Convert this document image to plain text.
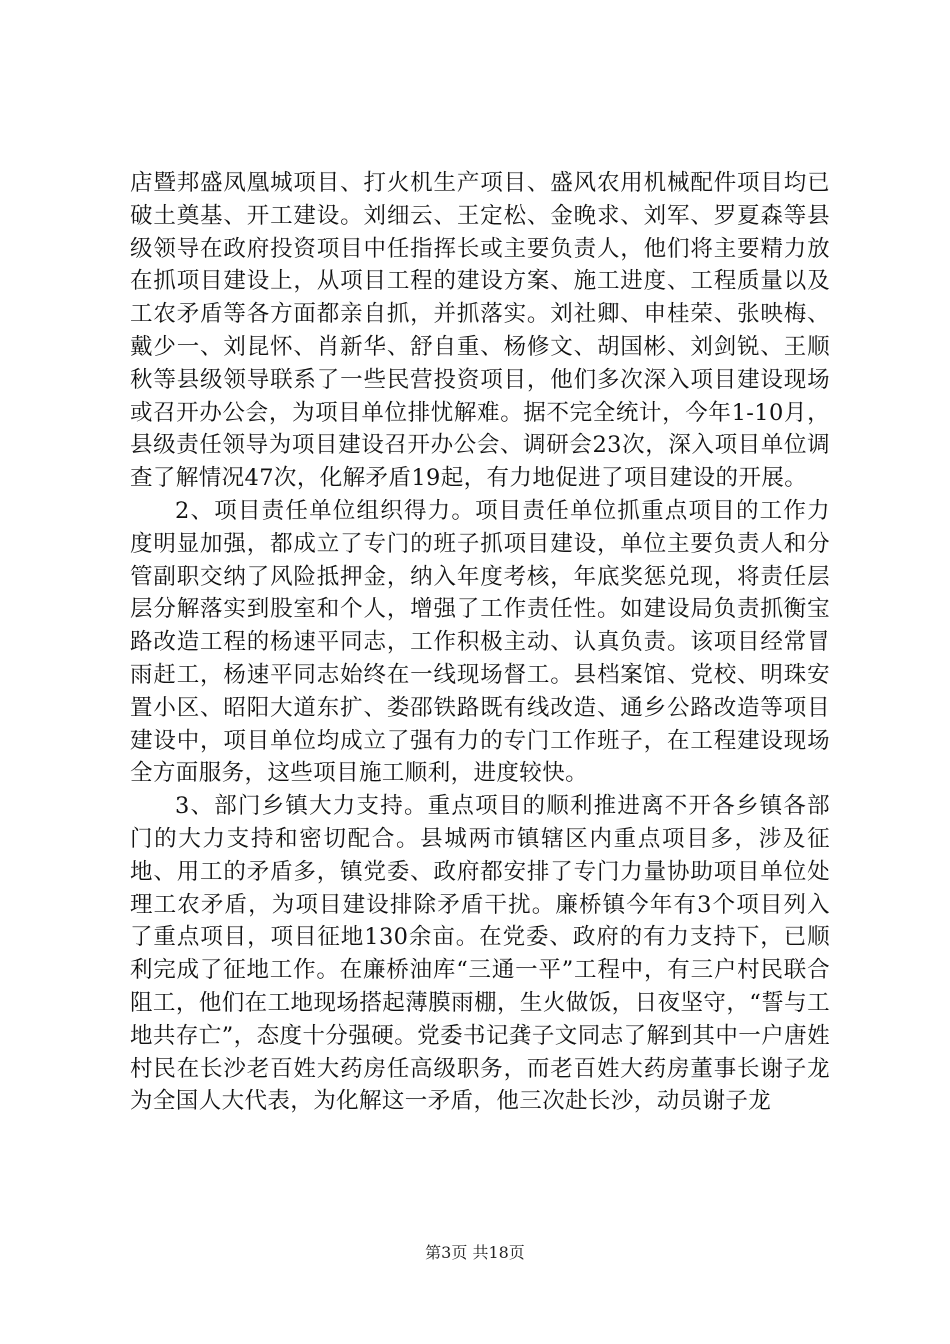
店暨邦盛凤凰城项目、打火机生产项目、盛风农用机械配件项目均已破土奠基、开工建设。刘细云、王定松、金晚求、刘军、罗夏森等县级领导在政府投资项目中任指挥长或主要负责人，他们将主要精力放在抓项目建设上，从项目工程的建设方案、施工进度、工程质量以及工农矛盾等各方面都亲自抓，并抓落实。刘社卿、申桂荣、张映梅、戴少一、刘昆怀、肖新华、舒自重、杨修文、胡国彬、刘剑锐、王顺秋等县级领导联系了一些民营投资项目，他们多次深入项目建设现场或召开办公会，为项目单位排忧解难。据不完全统计，今年1-10月，县级责任领导为项目建设召开办公会、调研会23次，深入项目单位调查了解情况47次，化解矛盾19起，有力地促进了项目建设的开展。

2、项目责任单位组织得力。项目责任单位抓重点项目的工作力度明显加强，都成立了专门的班子抓项目建设，单位主要负责人和分管副职交纳了风险抵押金，纳入年度考核，年底奖惩兑现，将责任层层分解落实到股室和个人，增强了工作责任性。如建设局负责抓衡宝路改造工程的杨速平同志，工作积极主动、认真负责。该项目经常冒雨赶工，杨速平同志始终在一线现场督工。县档案馆、党校、明珠安置小区、昭阳大道东扩、娄邵铁路既有线改造、通乡公路改造等项目建设中，项目单位均成立了强有力的专门工作班子，在工程建设现场全方面服务，这些项目施工顺利，进度较快。

3、部门乡镇大力支持。重点项目的顺利推进离不开各乡镇各部门的大力支持和密切配合。县城两市镇辖区内重点项目多，涉及征地、用工的矛盾多，镇党委、政府都安排了专门力量协助项目单位处理工农矛盾，为项目建设排除矛盾干扰。廉桥镇今年有3个项目列入了重点项目，项目征地130余亩。在党委、政府的有力支持下，已顺利完成了征地工作。在廉桥油库“三通一平”工程中，有三户村民联合阻工，他们在工地现场搭起薄膜雨棚，生火做饭，日夜坚守，“誓与工地共存亡”，态度十分强硬。党委书记龚子文同志了解到其中一户唐姓村民在长沙老百姓大药房任高级职务，而老百姓大药房董事长谢子龙为全国人大代表，为化解这一矛盾，他三次赴长沙，动员谢子龙

第3页 共18页
